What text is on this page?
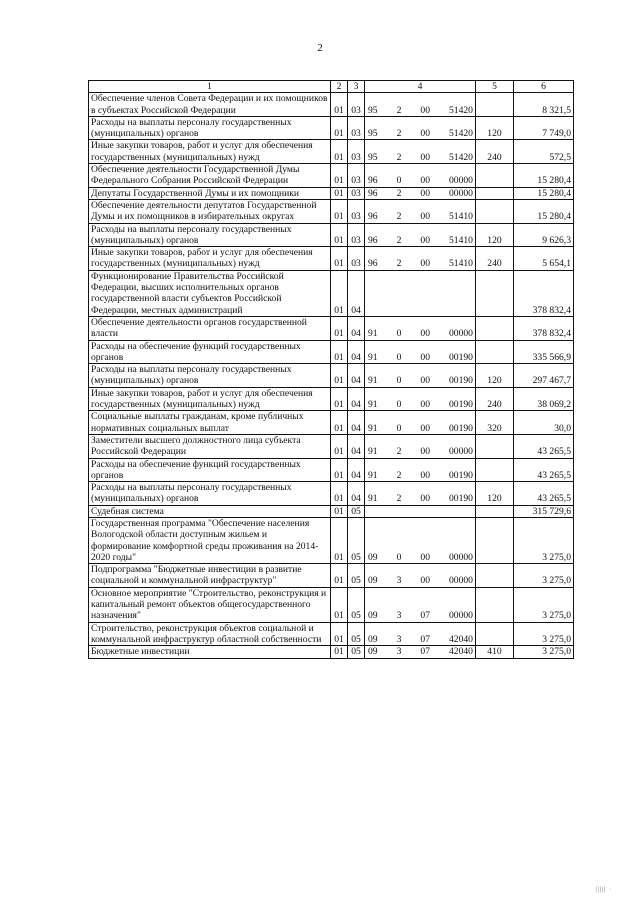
2
1	2	3	4	5	6
Обеспечение членов Совета Федерации и их помощников в субъектах Российской Федерации	01	03	95 2 00 51420		8 321,5
Расходы на выплаты персоналу государственных (муниципальных) органов	01	03	95 2 00 51420	120	7 749,0
Иные закупки товаров, работ и услуг для обеспечения государственных (муниципальных) нужд	01	03	95 2 00 51420	240	572,5
Обеспечение деятельности Государственной Думы Федерального Собрания Российской Федерации	01	03	96 0 00 00000		15 280,4
Депутаты Государственной Думы и их помощники	01	03	96 2 00 00000		15 280,4
Обеспечение деятельности депутатов Государственной Думы и их помощников в избирательных округах	01	03	96 2 00 51410		15 280,4
Расходы на выплаты персоналу государственных (муниципальных) органов	01	03	96 2 00 51410	120	9 626,3
Иные закупки товаров, работ и услуг для обеспечения государственных (муниципальных) нужд	01	03	96 2 00 51410	240	5 654,1
Функционирование Правительства Российской Федерации, высших исполнительных органов государственной власти субъектов Российской Федерации, местных администраций	01	04			378 832,4
Обеспечение деятельности органов государственной власти	01	04	91 0 00 00000		378 832,4
Расходы на обеспечение функций государственных органов	01	04	91 0 00 00190		335 566,9
Расходы на выплаты персоналу государственных (муниципальных) органов	01	04	91 0 00 00190	120	297 467,7
Иные закупки товаров, работ и услуг для обеспечения государственных (муниципальных) нужд	01	04	91 0 00 00190	240	38 069,2
Социальные выплаты гражданам, кроме публичных нормативных социальных выплат	01	04	91 0 00 00190	320	30,0
Заместители высшего должностного лица субъекта Российской Федерации	01	04	91 2 00 00000		43 265,5
Расходы на обеспечение функций государственных органов	01	04	91 2 00 00190		43 265,5
Расходы на выплаты персоналу государственных (муниципальных) органов	01	04	91 2 00 00190	120	43 265,5
Судебная система	01	05			315 729,6
Государственная программа "Обеспечение населения Вологодской области доступным жильем и формирование комфортной среды проживания на 2014-2020 годы"	01	05	09 0 00 00000		3 275,0
Подпрограмма "Бюджетные инвестиции в развитие социальной и коммунальной инфраструктур"	01	05	09 3 00 00000		3 275,0
Основное мероприятие "Строительство, реконструкция и капитальный ремонт объектов общегосударственного назначения"	01	05	09 3 07 00000		3 275,0
Строительство, реконструкция объектов социальной и коммунальной инфраструктур областной собственности	01	05	09 3 07 42040		3 275,0
Бюджетные инвестиции	01	05	09 3 07 42040	410	3 275,0
||||| ·
